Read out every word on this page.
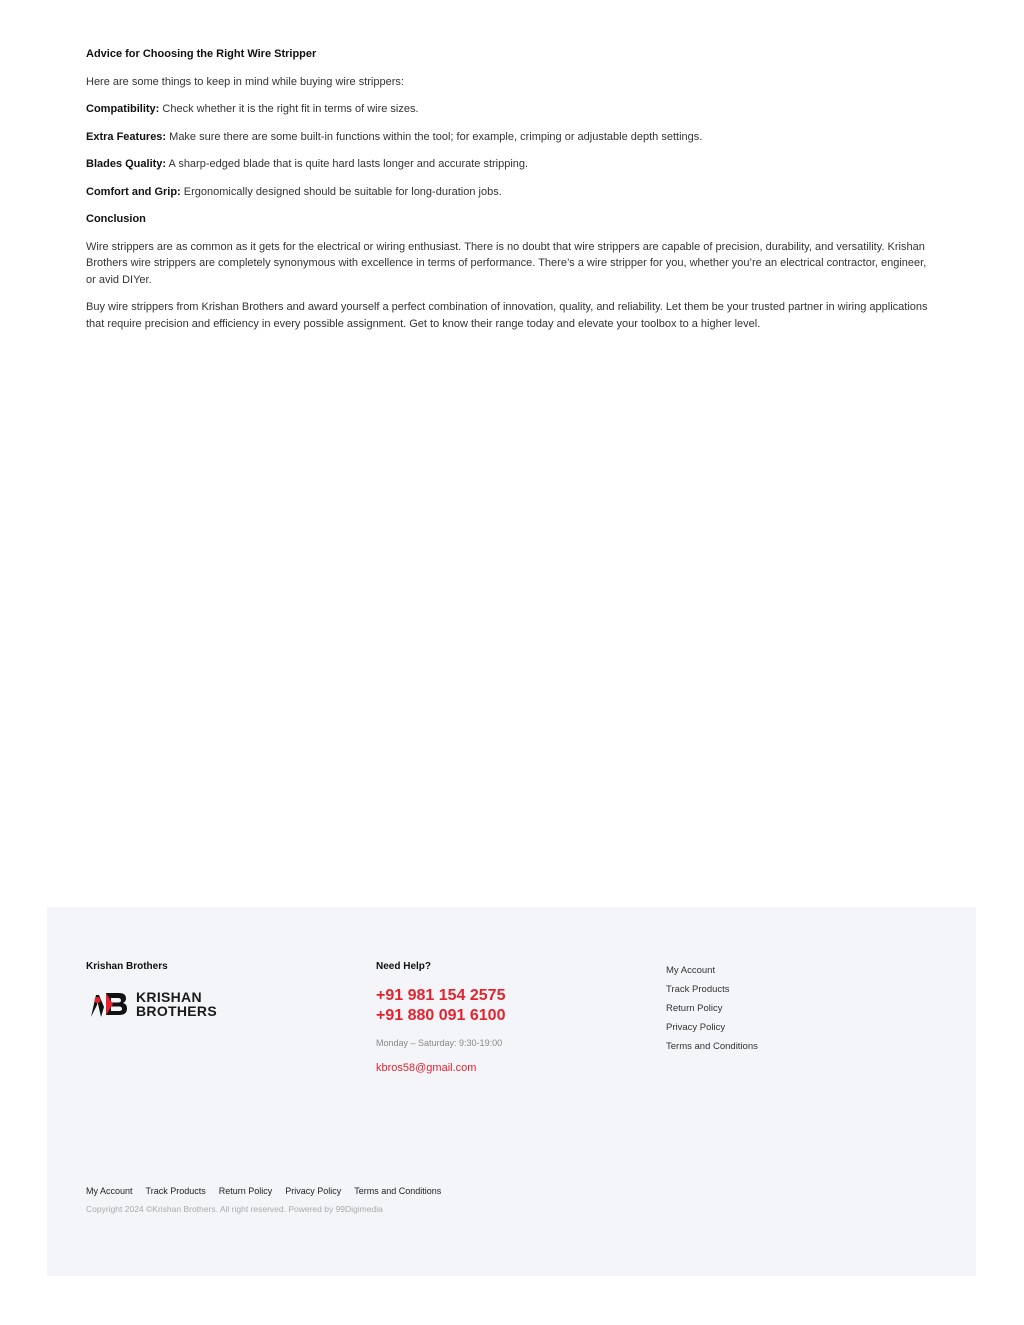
Advice for Choosing the Right Wire Stripper

Here are some things to keep in mind while buying wire strippers:

Compatibility: Check whether it is the right fit in terms of wire sizes.

Extra Features: Make sure there are some built-in functions within the tool; for example, crimping or adjustable depth settings.

Blades Quality: A sharp-edged blade that is quite hard lasts longer and accurate stripping.

Comfort and Grip: Ergonomically designed should be suitable for long-duration jobs.

Conclusion

Wire strippers are as common as it gets for the electrical or wiring enthusiast. There is no doubt that wire strippers are capable of precision, durability, and versatility. Krishan Brothers wire strippers are completely synonymous with excellence in terms of performance. There’s a wire stripper for you, whether you’re an electrical contractor, engineer, or avid DIYer.

Buy wire strippers from Krishan Brothers and award yourself a perfect combination of innovation, quality, and reliability. Let them be your trusted partner in wiring applications that require precision and efficiency in every possible assignment. Get to know their range today and elevate your toolbox to a higher level.

Krishan Brothers
KRISHAN
BROTHERS
Need Help?
+91 981 154 2575
+91 880 091 6100
Monday – Saturday: 9:30-19:00
kbros58@gmail.com
My Account
Track Products
Return Policy
Privacy Policy
Terms and Conditions
My Account Track Products Return Policy Privacy Policy Terms and Conditions
Copyright 2024 ©Krishan Brothers. All right reserved. Powered by 99Digimedia
